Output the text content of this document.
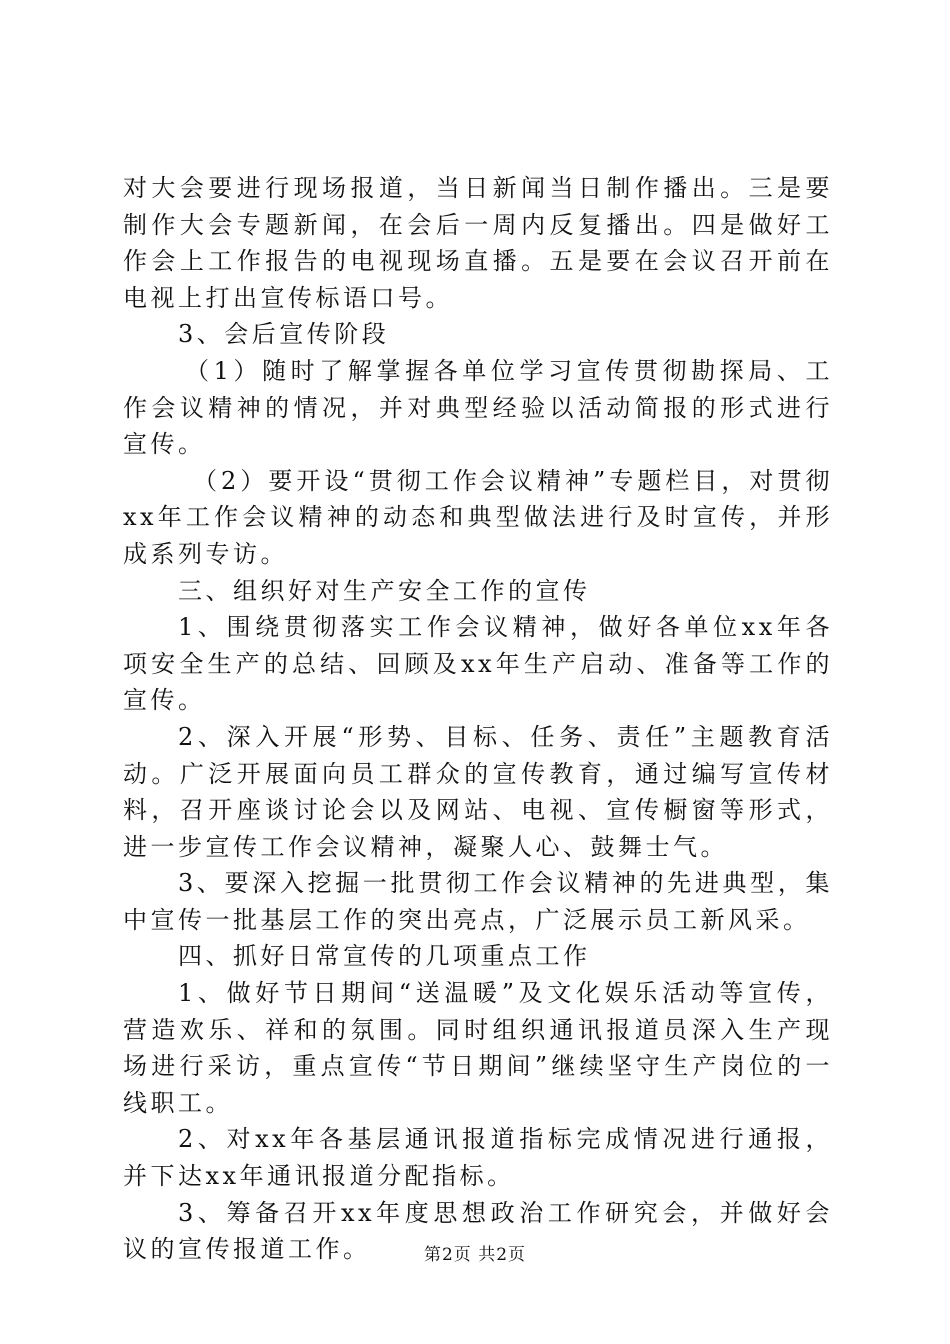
对大会要进行现场报道，当日新闻当日制作播出。三是要制作大会专题新闻，在会后一周内反复播出。四是做好工作会上工作报告的电视现场直播。五是要在会议召开前在电视上打出宣传标语口号。

3、会后宣传阶段

（1）随时了解掌握各单位学习宣传贯彻勘探局、工作会议精神的情况，并对典型经验以活动简报的形式进行宣传。

（2）要开设“贯彻工作会议精神”专题栏目，对贯彻xx年工作会议精神的动态和典型做法进行及时宣传，并形成系列专访。

三、组织好对生产安全工作的宣传

1、围绕贯彻落实工作会议精神，做好各单位xx年各项安全生产的总结、回顾及xx年生产启动、准备等工作的宣传。

2、深入开展“形势、目标、任务、责任”主题教育活动。广泛开展面向员工群众的宣传教育，通过编写宣传材料，召开座谈讨论会以及网站、电视、宣传橱窗等形式，进一步宣传工作会议精神，凝聚人心、鼓舞士气。

3、要深入挖掘一批贯彻工作会议精神的先进典型，集中宣传一批基层工作的突出亮点，广泛展示员工新风采。

四、抓好日常宣传的几项重点工作

1、做好节日期间“送温暖”及文化娱乐活动等宣传，营造欢乐、祥和的氛围。同时组织通讯报道员深入生产现场进行采访，重点宣传“节日期间”继续坚守生产岗位的一线职工。

2、对xx年各基层通讯报道指标完成情况进行通报，并下达xx年通讯报道分配指标。

3、筹备召开xx年度思想政治工作研究会，并做好会议的宣传报道工作。	第2页 共2页
